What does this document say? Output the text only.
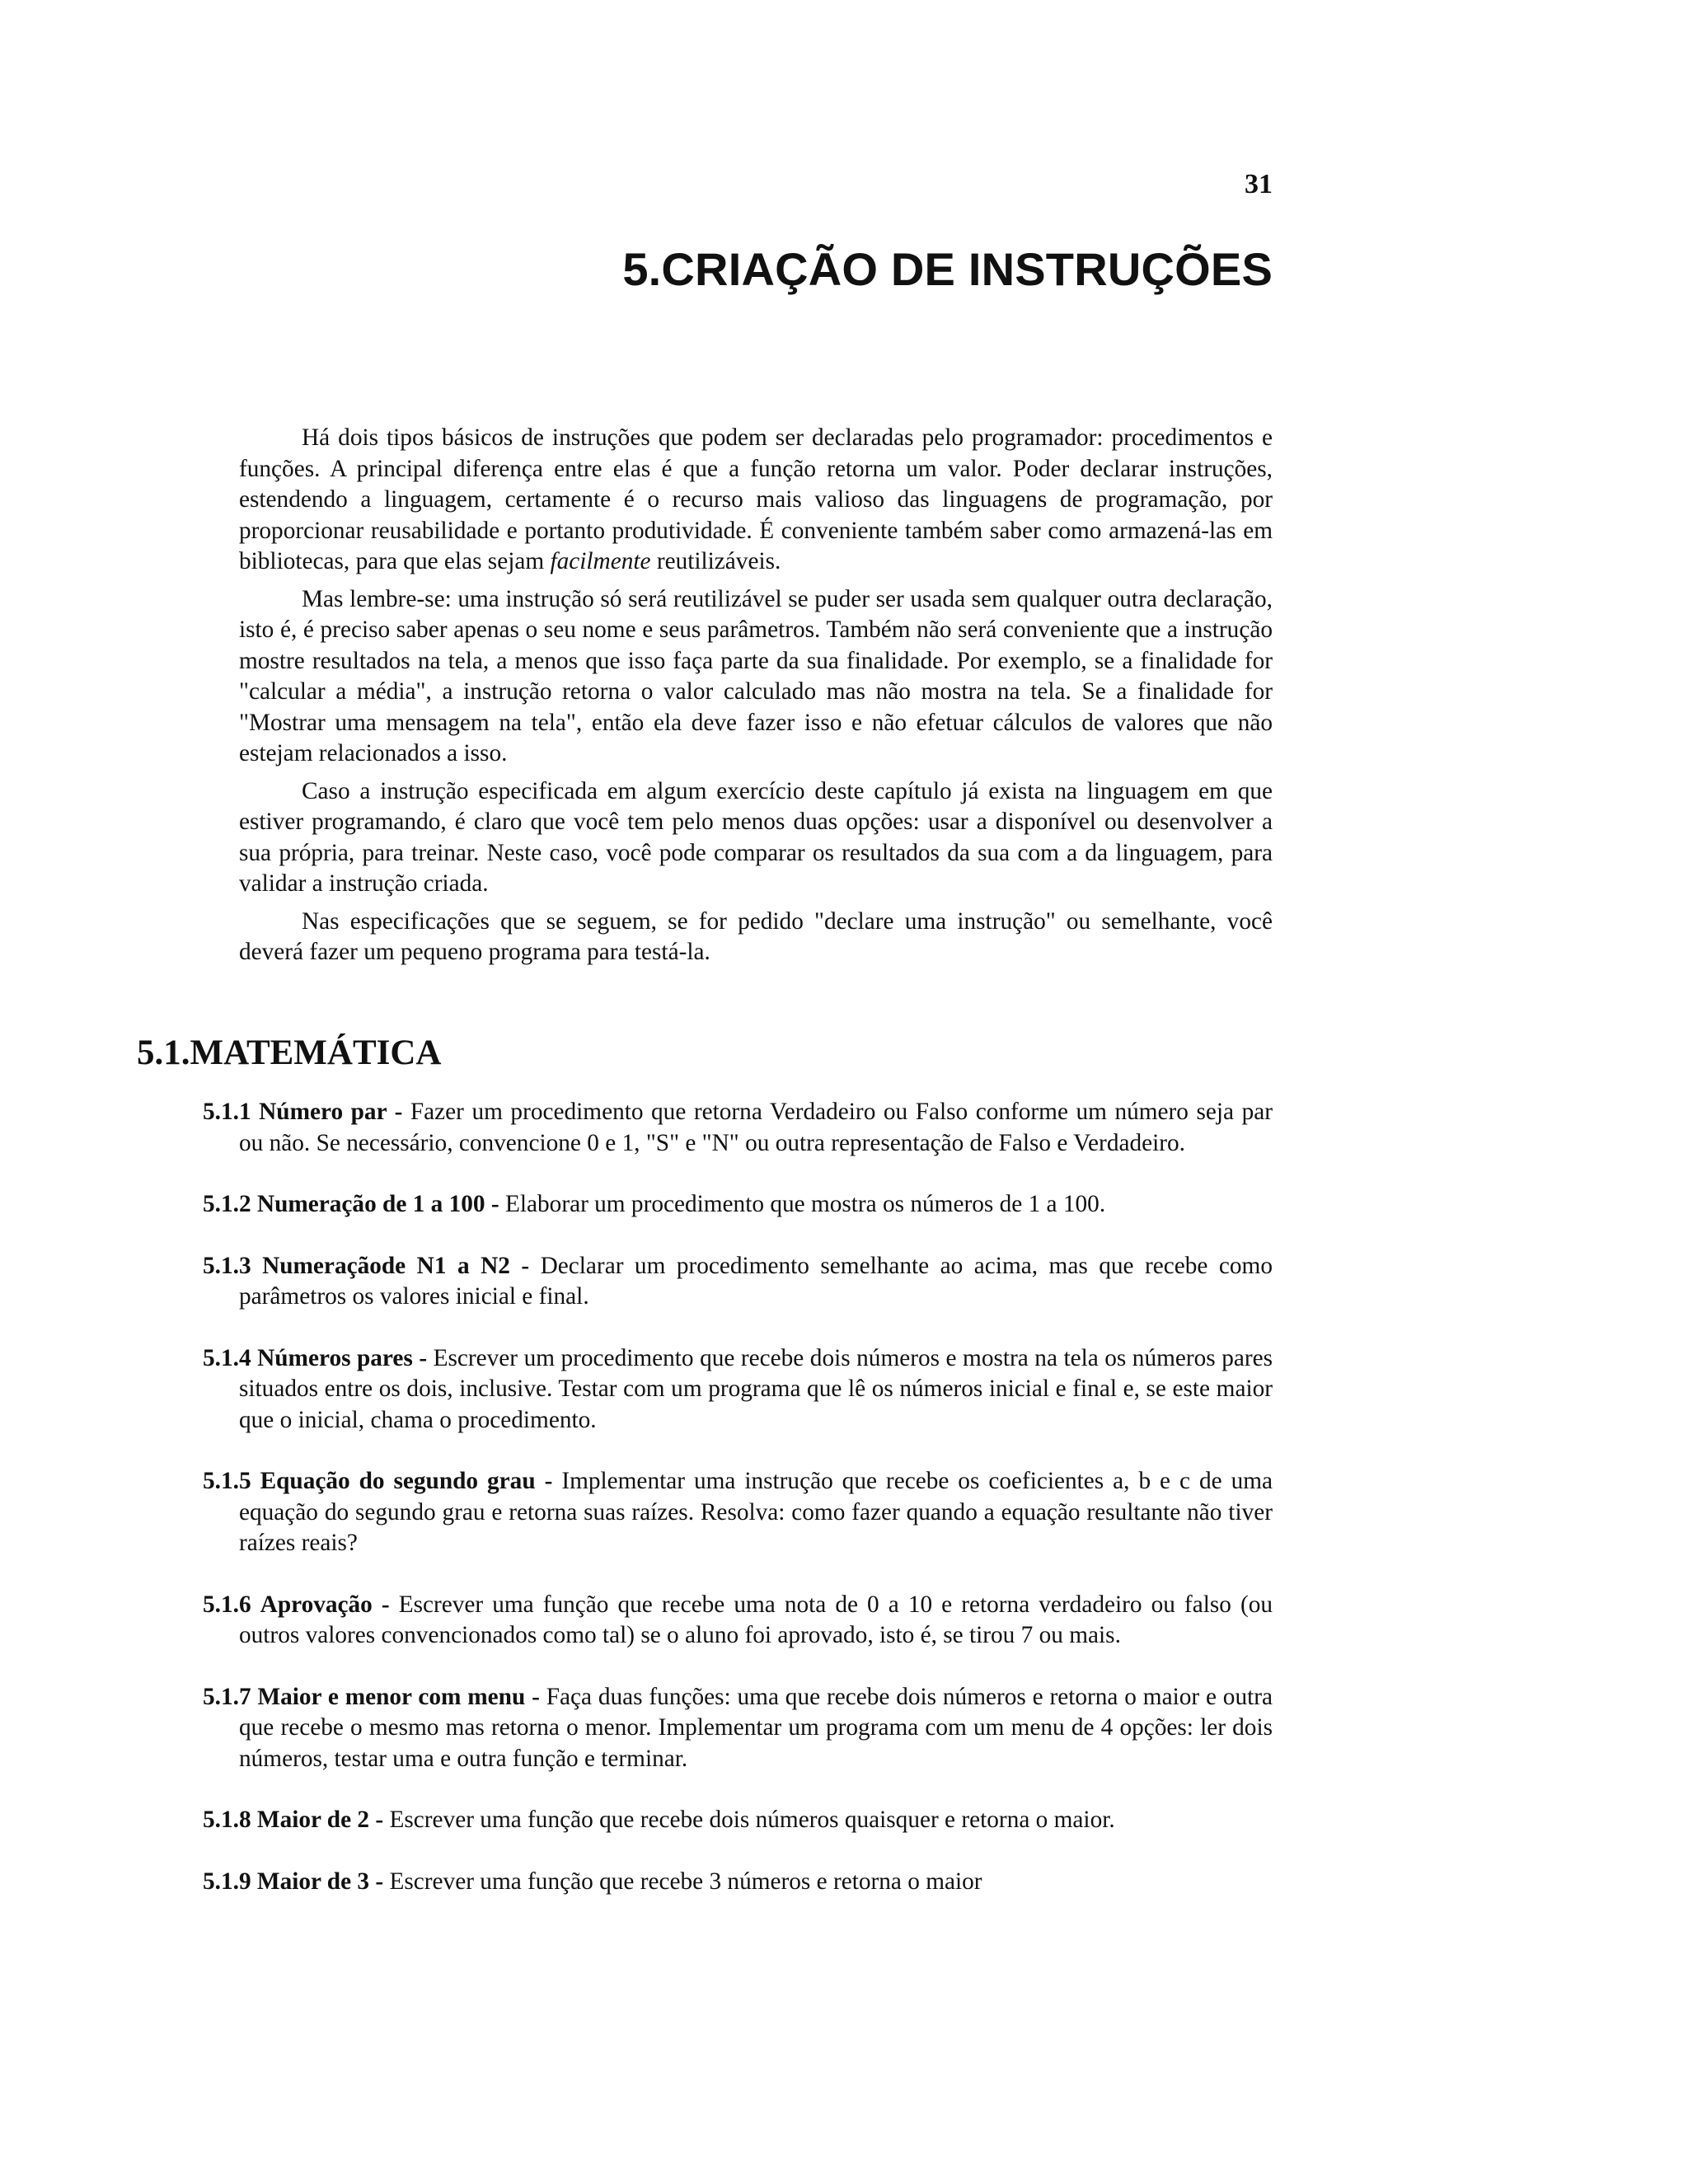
31
5.CRIAÇÃO DE INSTRUÇÕES

Há dois tipos básicos de instruções que podem ser declaradas pelo programador: procedimentos e funções. A principal diferença entre elas é que a função retorna um valor. Poder declarar instruções, estendendo a linguagem, certamente é o recurso mais valioso das linguagens de programação, por proporcionar reusabilidade e portanto produtividade. É conveniente também saber como armazená-las em bibliotecas, para que elas sejam facilmente reutilizáveis.

Mas lembre-se: uma instrução só será reutilizável se puder ser usada sem qualquer outra declaração, isto é, é preciso saber apenas o seu nome e seus parâmetros. Também não será conveniente que a instrução mostre resultados na tela, a menos que isso faça parte da sua finalidade. Por exemplo, se a finalidade for "calcular a média", a instrução retorna o valor calculado mas não mostra na tela. Se a finalidade for "Mostrar uma mensagem na tela", então ela deve fazer isso e não efetuar cálculos de valores que não estejam relacionados a isso.

Caso a instrução especificada em algum exercício deste capítulo já exista na linguagem em que estiver programando, é claro que você tem pelo menos duas opções: usar a disponível ou desenvolver a sua própria, para treinar. Neste caso, você pode comparar os resultados da sua com a da linguagem, para validar a instrução criada.

Nas especificações que se seguem, se for pedido "declare uma instrução" ou semelhante, você deverá fazer um pequeno programa para testá-la.

5.1.MATEMÁTICA

5.1.1 Número par - Fazer um procedimento que retorna Verdadeiro ou Falso conforme um número seja par ou não. Se necessário, convencione 0 e 1, "S" e "N" ou outra representação de Falso e Verdadeiro.

5.1.2 Numeração de 1 a 100 - Elaborar um procedimento que mostra os números de 1 a 100.

5.1.3 Numeraçãode N1 a N2 - Declarar um procedimento semelhante ao acima, mas que recebe como parâmetros os valores inicial e final.

5.1.4 Números pares - Escrever um procedimento que recebe dois números e mostra na tela os números pares situados entre os dois, inclusive. Testar com um programa que lê os números inicial e final e, se este maior que o inicial, chama o procedimento.

5.1.5 Equação do segundo grau - Implementar uma instrução que recebe os coeficientes a, b e c de uma equação do segundo grau e retorna suas raízes. Resolva: como fazer quando a equação resultante não tiver raízes reais?

5.1.6 Aprovação - Escrever uma função que recebe uma nota de 0 a 10 e retorna verdadeiro ou falso (ou outros valores convencionados como tal) se o aluno foi aprovado, isto é, se tirou 7 ou mais.

5.1.7 Maior e menor com menu - Faça duas funções: uma que recebe dois números e retorna o maior e outra que recebe o mesmo mas retorna o menor. Implementar um programa com um menu de 4 opções: ler dois números, testar uma e outra função e terminar.

5.1.8 Maior de 2 - Escrever uma função que recebe dois números quaisquer e retorna o maior.

5.1.9 Maior de 3 - Escrever uma função que recebe 3 números e retorna o maior
